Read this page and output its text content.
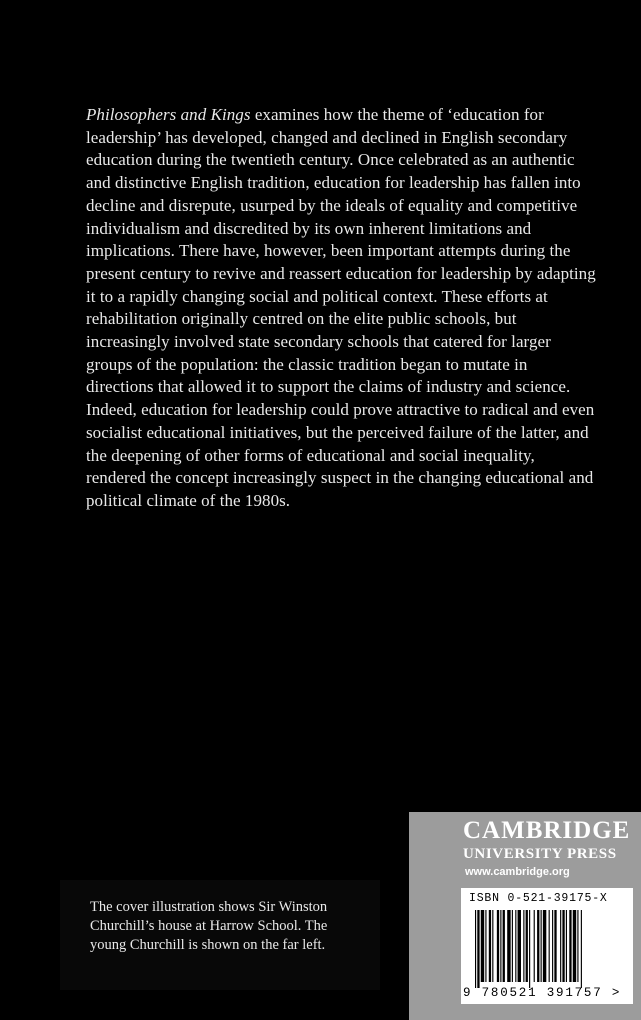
Philosophers and Kings examines how the theme of ‘education for leadership’ has developed, changed and declined in English secondary education during the twentieth century. Once celebrated as an authentic and distinctive English tradition, education for leadership has fallen into decline and disrepute, usurped by the ideals of equality and competitive individualism and discredited by its own inherent limitations and implications. There have, however, been important attempts during the present century to revive and reassert education for leadership by adapting it to a rapidly changing social and political context. These efforts at rehabilitation originally centred on the elite public schools, but increasingly involved state secondary schools that catered for larger groups of the population: the classic tradition began to mutate in directions that allowed it to support the claims of industry and science. Indeed, education for leadership could prove attractive to radical and even socialist educational initiatives, but the perceived failure of the latter, and the deepening of other forms of educational and social inequality, rendered the concept increasingly suspect in the changing educational and political climate of the 1980s.

The cover illustration shows Sir Winston Churchill’s house at Harrow School. The young Churchill is shown on the far left.

CAMBRIDGE
UNIVERSITY PRESS
www.cambridge.org
ISBN 0-521-39175-X
9 780521 391757 >
